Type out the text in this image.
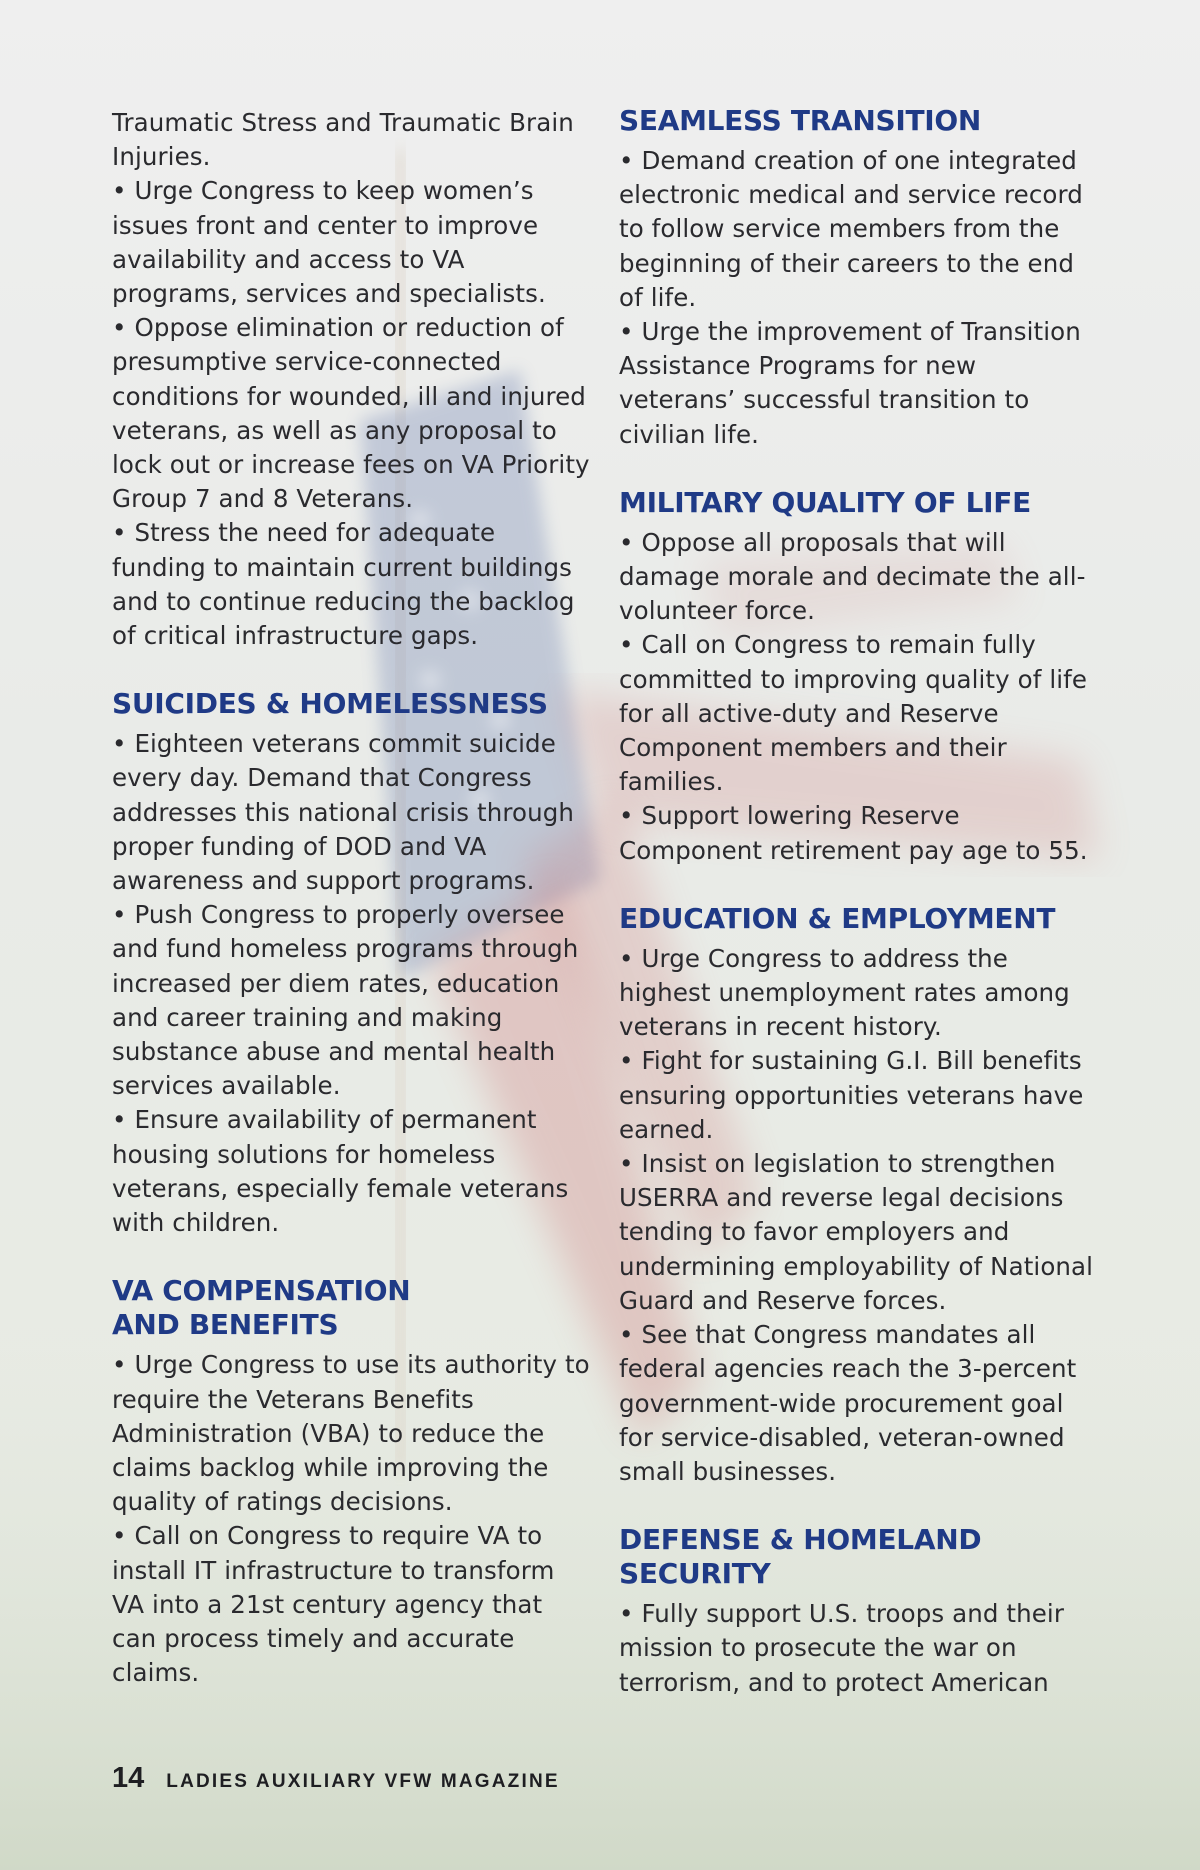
Traumatic Stress and Traumatic Brain Injuries.

• Urge Congress to keep women’s issues front and center to improve availability and access to VA programs, services and specialists.

• Oppose elimination or reduction of presumptive service-connected conditions for wounded, ill and injured veterans, as well as any proposal to lock out or increase fees on VA Priority Group 7 and 8 Veterans.

• Stress the need for adequate funding to maintain current buildings and to continue reducing the backlog of critical infrastructure gaps.

SUICIDES & HOMELESSNESS

• Eighteen veterans commit suicide every day. Demand that Congress addresses this national crisis through proper funding of DOD and VA awareness and support programs.

• Push Congress to properly oversee and fund homeless programs through increased per diem rates, education and career training and making substance abuse and mental health services available.

• Ensure availability of permanent housing solutions for homeless veterans, especially female veterans with children.

VA COMPENSATION
AND BENEFITS

• Urge Congress to use its authority to require the Veterans Benefits Administration (VBA) to reduce the claims backlog while improving the quality of ratings decisions.

• Call on Congress to require VA to install IT infrastructure to transform VA into a 21st century agency that can process timely and accurate claims.

SEAMLESS TRANSITION

• Demand creation of one integrated electronic medical and service record to follow service members from the beginning of their careers to the end of life.

• Urge the improvement of Transition Assistance Programs for new veterans’ successful transition to civilian life.

MILITARY QUALITY OF LIFE

• Oppose all proposals that will damage morale and decimate the all-volunteer force.

• Call on Congress to remain fully committed to improving quality of life for all active-duty and Reserve Component members and their families.

• Support lowering Reserve Component retirement pay age to 55.

EDUCATION & EMPLOYMENT

• Urge Congress to address the highest unemployment rates among veterans in recent history.

• Fight for sustaining G.I. Bill benefits ensuring opportunities veterans have earned.

• Insist on legislation to strengthen USERRA and reverse legal decisions tending to favor employers and undermining employability of National Guard and Reserve forces.

• See that Congress mandates all federal agencies reach the 3-percent government-wide procurement goal for service-disabled, veteran-owned small businesses.

DEFENSE & HOMELAND
SECURITY

• Fully support U.S. troops and their mission to prosecute the war on terrorism, and to protect American

14 LADIES AUXILIARY VFW MAGAZINE
